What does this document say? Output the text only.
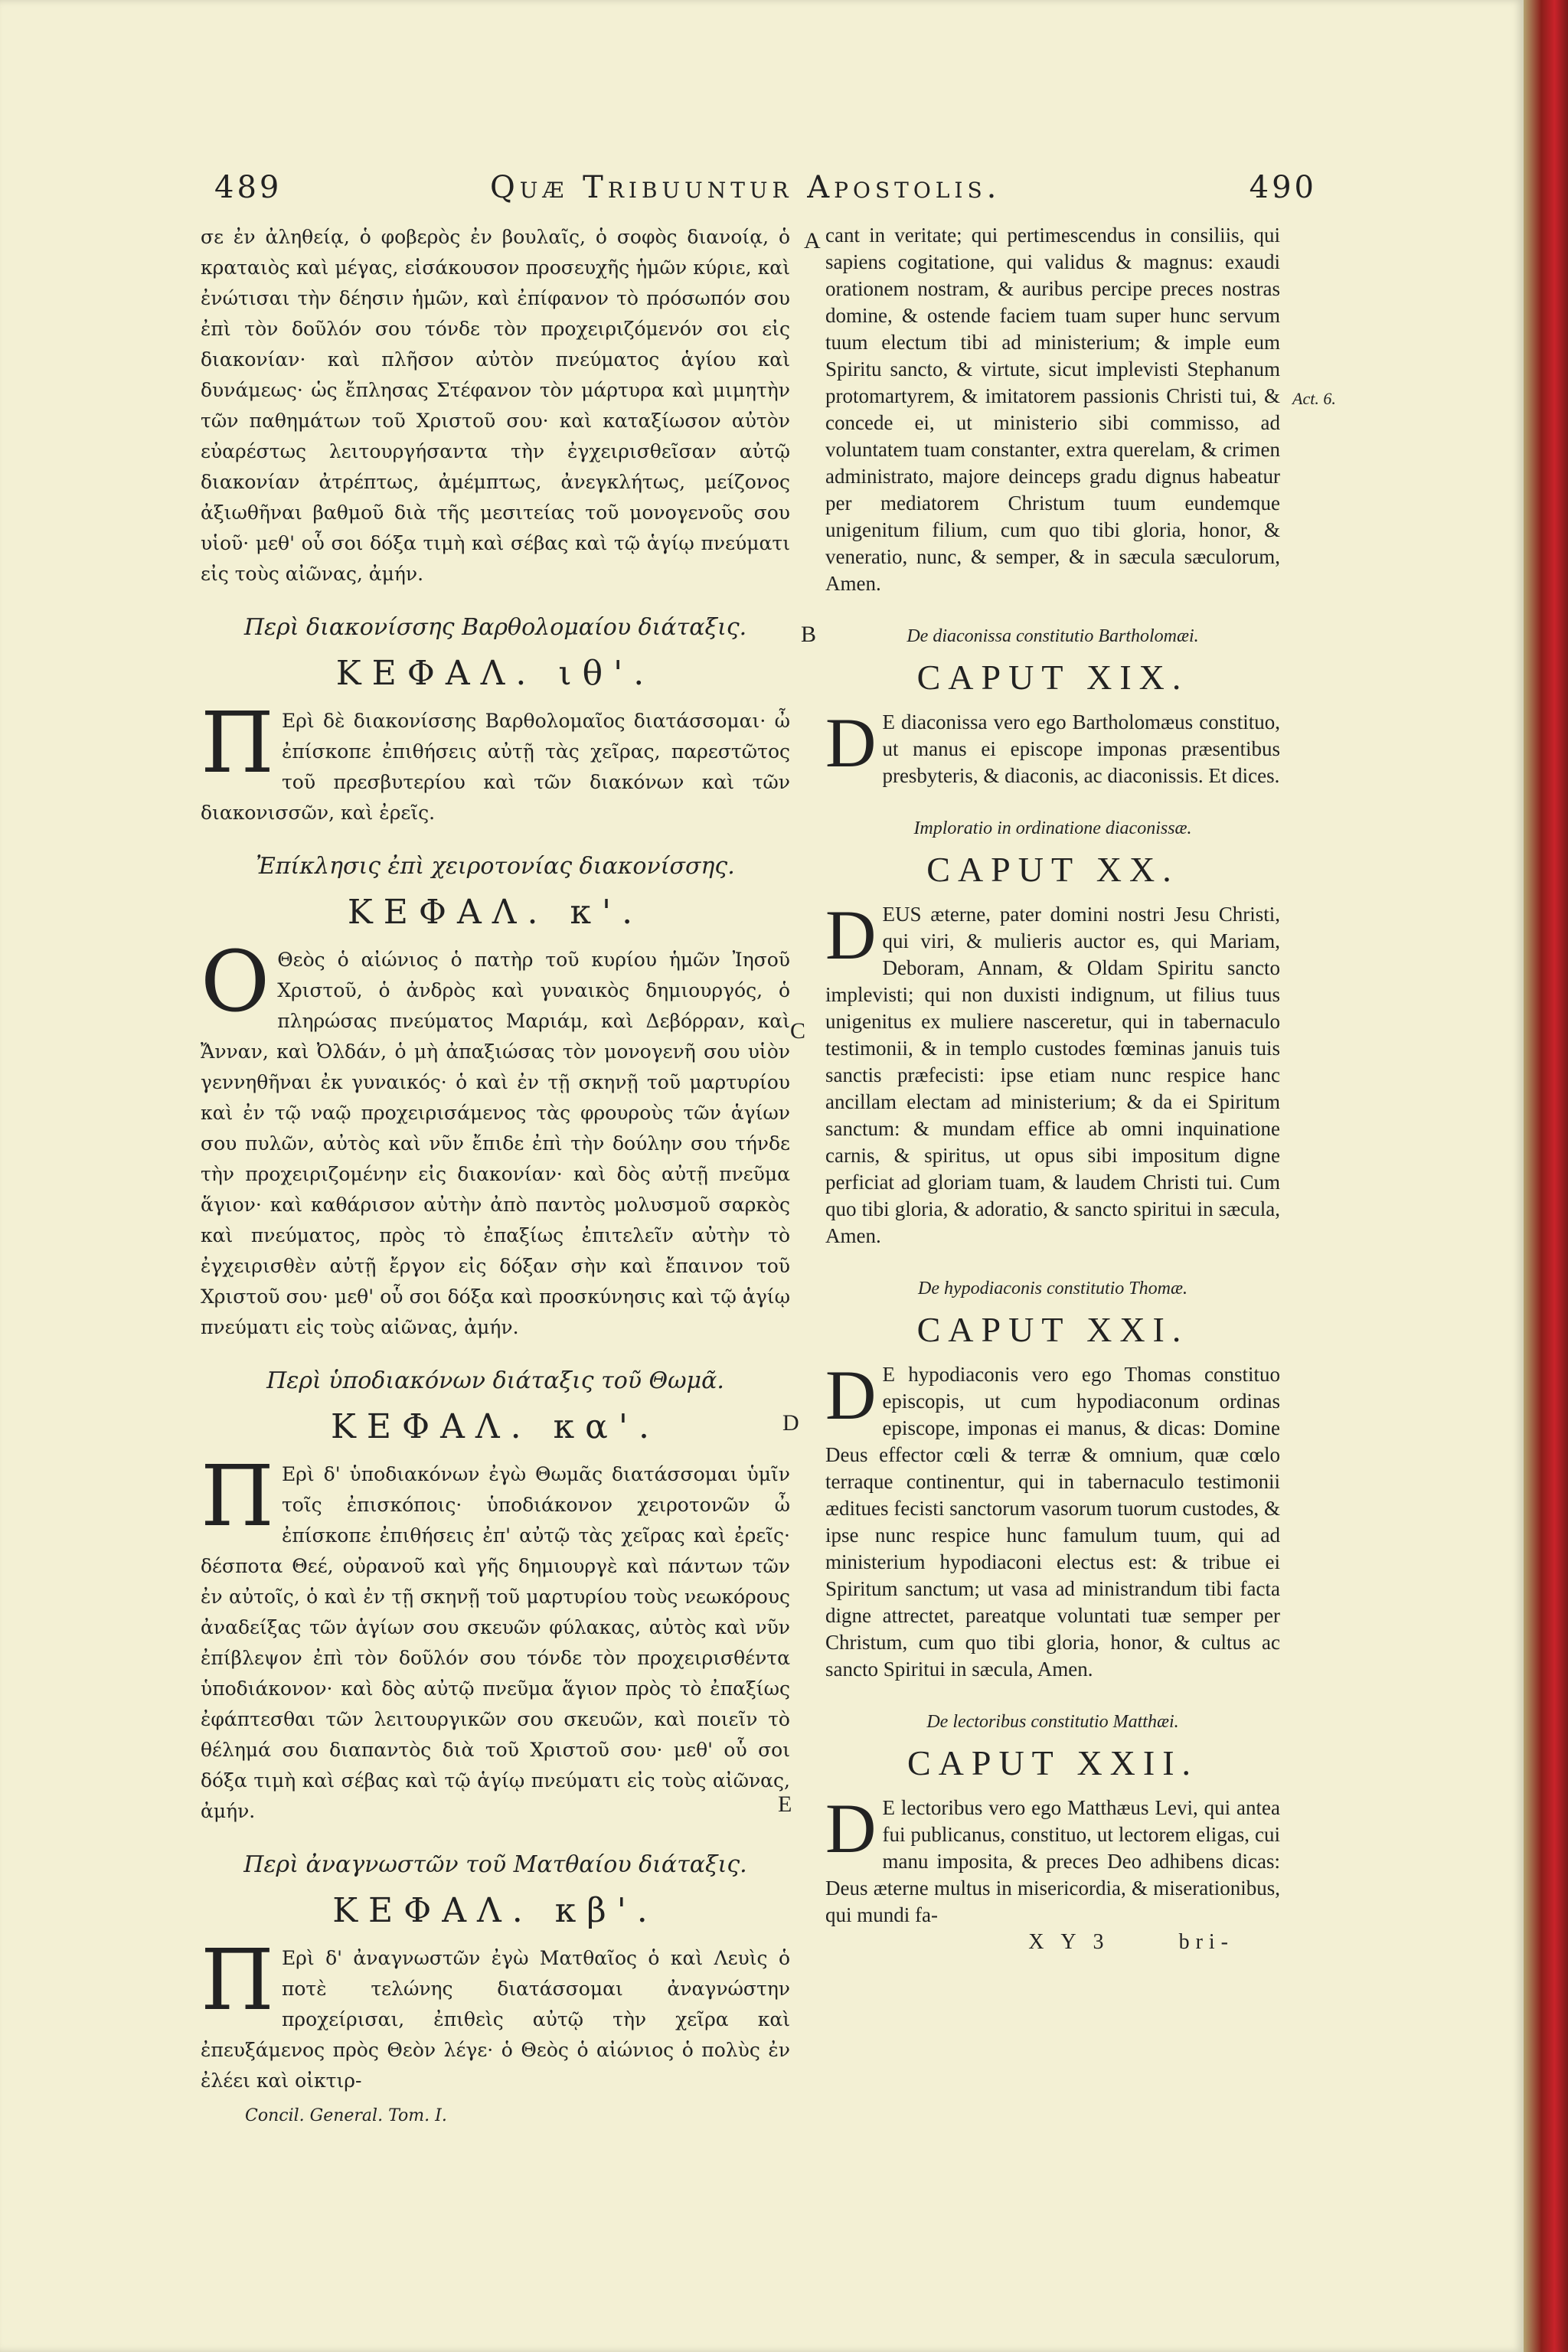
489	Quæ Tribuuntur Apostolis.	490
A
B
C
D
E
Act. 6.

σε ἐν ἀληθείᾳ, ὁ φοβερὸς ἐν βουλαῖς, ὁ σοφὸς διανοίᾳ, ὁ κραταιὸς καὶ μέγας, εἰσάκουσον προσευχῆς ἡμῶν κύριε, καὶ ἐνώτισαι τὴν δέησιν ἡμῶν, καὶ ἐπίφανον τὸ πρόσωπόν σου ἐπὶ τὸν δοῦλόν σου τόνδε τὸν προχειριζόμενόν σοι εἰς διακονίαν· καὶ πλῆσον αὐτὸν πνεύματος ἁγίου καὶ δυνάμεως· ὡς ἔπλησας Στέφανον τὸν μάρτυρα καὶ μιμητὴν τῶν παθημάτων τοῦ Χριστοῦ σου· καὶ καταξίωσον αὐτὸν εὐαρέστως λειτουργήσαντα τὴν ἐγχειρισθεῖσαν αὐτῷ διακονίαν ἀτρέπτως, ἀμέμπτως, ἀνεγκλήτως, μείζονος ἀξιωθῆναι βαθμοῦ διὰ τῆς μεσιτείας τοῦ μονογενοῦς σου υἱοῦ· μεθ' οὗ σοι δόξα τιμὴ καὶ σέβας καὶ τῷ ἁγίῳ πνεύματι εἰς τοὺς αἰῶνας, ἀμήν.

Περὶ διακονίσσης Βαρθολομαίου διάταξις.
ΚΕΦΑΛ. ιθ'.
Π Ερὶ δὲ διακονίσσης Βαρθολομαῖος διατάσσομαι· ὦ ἐπίσκοπε ἐπιθήσεις αὐτῇ τὰς χεῖρας, παρεστῶτος τοῦ πρεσβυτερίου καὶ τῶν διακόνων καὶ τῶν διακονισσῶν, καὶ ἐρεῖς.

Ἐπίκλησις ἐπὶ χειροτονίας διακονίσσης.
ΚΕΦΑΛ. κ'.
Ο Θεὸς ὁ αἰώνιος ὁ πατὴρ τοῦ κυρίου ἡμῶν Ἰησοῦ Χριστοῦ, ὁ ἀνδρὸς καὶ γυναικὸς δημιουργός, ὁ πληρώσας πνεύματος Μαριάμ, καὶ Δεβόρραν, καὶ Ἄνναν, καὶ Ὀλδάν, ὁ μὴ ἀπαξιώσας τὸν μονογενῆ σου υἱὸν γεννηθῆναι ἐκ γυναικός· ὁ καὶ ἐν τῇ σκηνῇ τοῦ μαρτυρίου καὶ ἐν τῷ ναῷ προχειρισάμενος τὰς φρουροὺς τῶν ἁγίων σου πυλῶν, αὐτὸς καὶ νῦν ἔπιδε ἐπὶ τὴν δούλην σου τήνδε τὴν προχειριζομένην εἰς διακονίαν· καὶ δὸς αὐτῇ πνεῦμα ἅγιον· καὶ καθάρισον αὐτὴν ἀπὸ παντὸς μολυσμοῦ σαρκὸς καὶ πνεύματος, πρὸς τὸ ἐπαξίως ἐπιτελεῖν αὐτὴν τὸ ἐγχειρισθὲν αὐτῇ ἔργον εἰς δόξαν σὴν καὶ ἔπαινον τοῦ Χριστοῦ σου· μεθ' οὗ σοι δόξα καὶ προσκύνησις καὶ τῷ ἁγίῳ πνεύματι εἰς τοὺς αἰῶνας, ἀμήν.

Περὶ ὑποδιακόνων διάταξις τοῦ Θωμᾶ.
ΚΕΦΑΛ. κα'.
Π Ερὶ δ' ὑποδιακόνων ἐγὼ Θωμᾶς διατάσσομαι ὑμῖν τοῖς ἐπισκόποις· ὑποδιάκονον χειροτονῶν ὦ ἐπίσκοπε ἐπιθήσεις ἐπ' αὐτῷ τὰς χεῖρας καὶ ἐρεῖς· δέσποτα Θεέ, οὐρανοῦ καὶ γῆς δημιουργὲ καὶ πάντων τῶν ἐν αὐτοῖς, ὁ καὶ ἐν τῇ σκηνῇ τοῦ μαρτυρίου τοὺς νεωκόρους ἀναδείξας τῶν ἁγίων σου σκευῶν φύλακας, αὐτὸς καὶ νῦν ἐπίβλεψον ἐπὶ τὸν δοῦλόν σου τόνδε τὸν προχειρισθέντα ὑποδιάκονον· καὶ δὸς αὐτῷ πνεῦμα ἅγιον πρὸς τὸ ἐπαξίως ἐφάπτεσθαι τῶν λειτουργικῶν σου σκευῶν, καὶ ποιεῖν τὸ θέλημά σου διαπαντὸς διὰ τοῦ Χριστοῦ σου· μεθ' οὗ σοι δόξα τιμὴ καὶ σέβας καὶ τῷ ἁγίῳ πνεύματι εἰς τοὺς αἰῶνας, ἀμήν.

Περὶ ἀναγνωστῶν τοῦ Ματθαίου διάταξις.
ΚΕΦΑΛ. κβ'.
Π Ερὶ δ' ἀναγνωστῶν ἐγὼ Ματθαῖος ὁ καὶ Λευὶς ὁ ποτὲ τελώνης διατάσσομαι ἀναγνώστην προχείρισαι, ἐπιθεὶς αὐτῷ τὴν χεῖρα καὶ ἐπευξάμενος πρὸς Θεὸν λέγε· ὁ Θεὸς ὁ αἰώνιος ὁ πολὺς ἐν ἐλέει καὶ οἰκτιρ-

Concil. General. Tom. I.

cant in veritate; qui pertimescendus in consiliis, qui sapiens cogitatione, qui validus & magnus: exaudi orationem nostram, & auribus percipe preces nostras domine, & ostende faciem tuam super hunc servum tuum electum tibi ad ministerium; & imple eum Spiritu sancto, & virtute, sicut implevisti Stephanum protomartyrem, & imitatorem passionis Christi tui, & concede ei, ut ministerio sibi commisso, ad voluntatem tuam constanter, extra querelam, & crimen administrato, majore deinceps gradu dignus habeatur per mediatorem Christum tuum eundemque unigenitum filium, cum quo tibi gloria, honor, & veneratio, nunc, & semper, & in sæcula sæculorum, Amen.

De diaconissa constitutio Bartholomæi.
CAPUT XIX.
D E diaconissa vero ego Bartholomæus constituo, ut manus ei episcope imponas præsentibus presbyteris, & diaconis, ac diaconissis. Et dices.

Imploratio in ordinatione diaconissæ.
CAPUT XX.
D EUS æterne, pater domini nostri Jesu Christi, qui viri, & mulieris auctor es, qui Mariam, Deboram, Annam, & Oldam Spiritu sancto implevisti; qui non duxisti indignum, ut filius tuus unigenitus ex muliere nasceretur, qui in tabernaculo testimonii, & in templo custodes fœminas januis tuis sanctis præfecisti: ipse etiam nunc respice hanc ancillam electam ad ministerium; & da ei Spiritum sanctum: & mundam effice ab omni inquinatione carnis, & spiritus, ut opus sibi impositum digne perficiat ad gloriam tuam, & laudem Christi tui. Cum quo tibi gloria, & adoratio, & sancto spiritui in sæcula, Amen.

De hypodiaconis constitutio Thomæ.
CAPUT XXI.
D E hypodiaconis vero ego Thomas constituo episcopis, ut cum hypodiaconum ordinas episcope, imponas ei manus, & dicas: Domine Deus effector cœli & terræ & omnium, quæ cœlo terraque continentur, qui in tabernaculo testimonii æditues fecisti sanctorum vasorum tuorum custodes, & ipse nunc respice hunc famulum tuum, qui ad ministerium hypodiaconi electus est: & tribue ei Spiritum sanctum; ut vasa ad ministrandum tibi facta digne attrectet, pareatque voluntati tuæ semper per Christum, cum quo tibi gloria, honor, & cultus ac sancto Spiritui in sæcula, Amen.

De lectoribus constitutio Matthæi.
CAPUT XXII.
D E lectoribus vero ego Matthæus Levi, qui antea fui publicanus, constituo, ut lectorem eligas, cui manu imposita, & preces Deo adhibens dicas: Deus æterne multus in misericordia, & miserationibus, qui mundi fa-

X Y 3	bri-
